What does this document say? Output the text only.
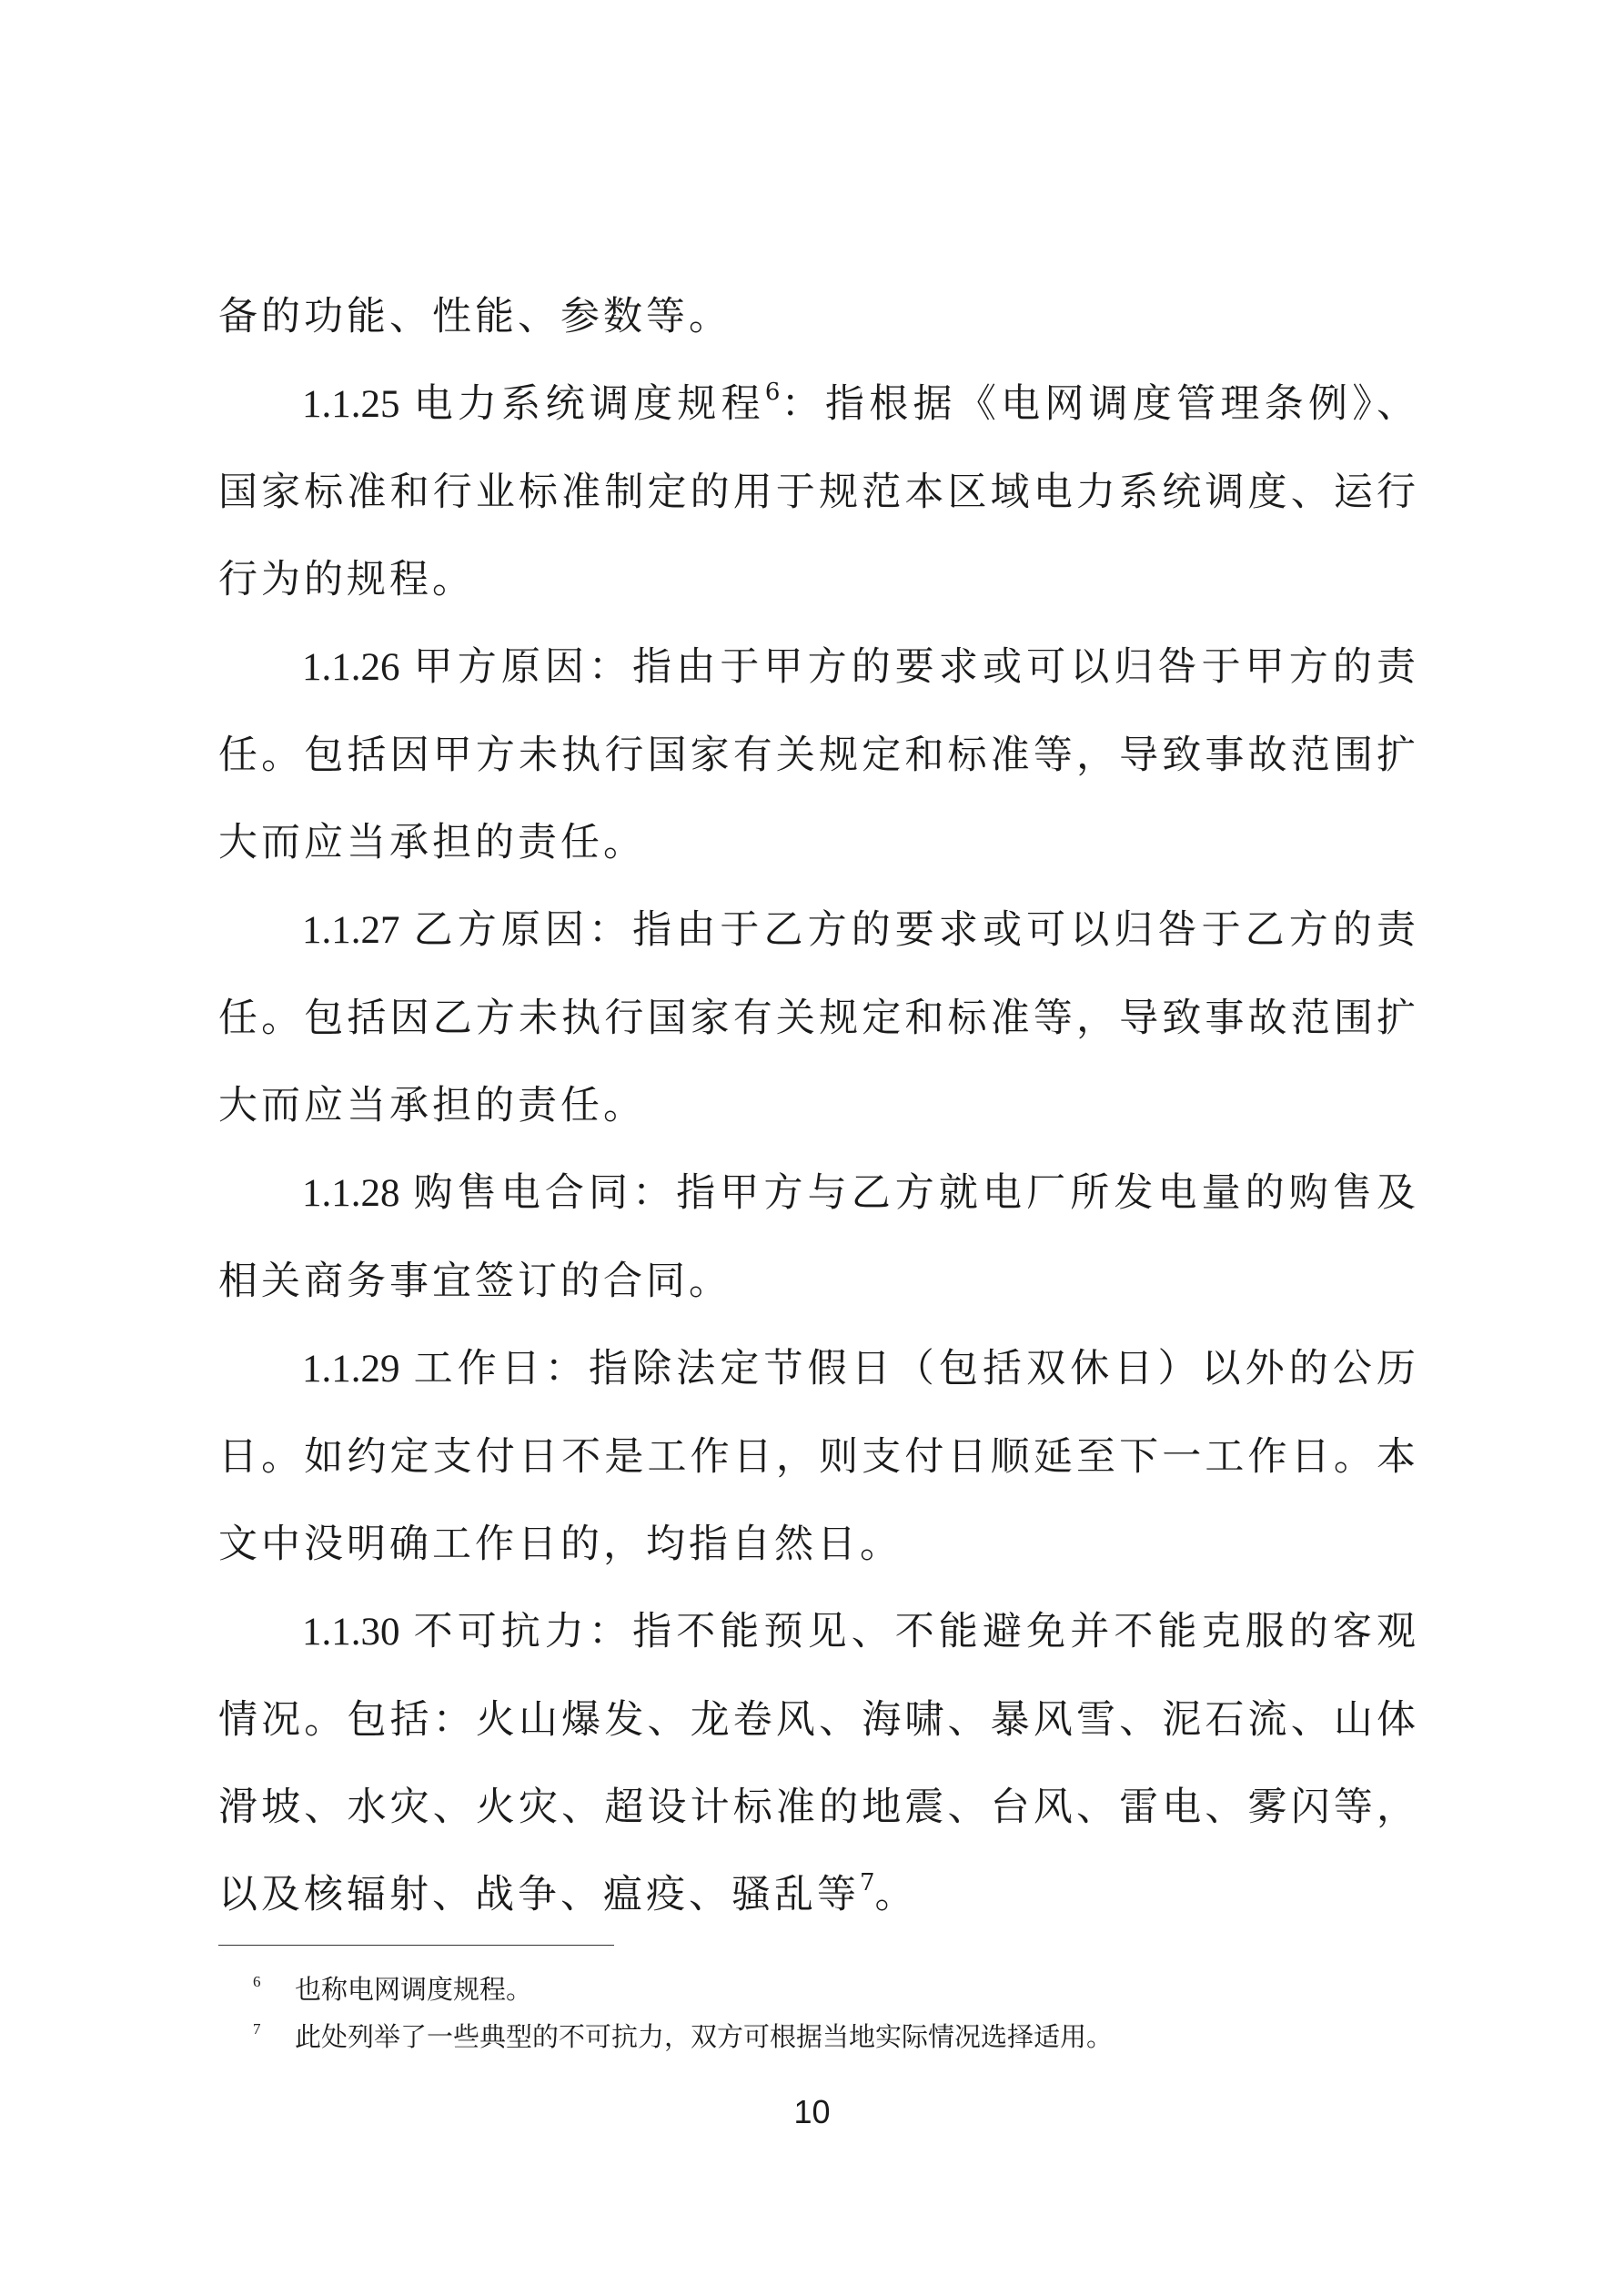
备的功能、性能、参数等。

1.1.25 电力系统调度规程$^6$：指根据《电网调度管理条例》、国家标准和行业标准制定的用于规范本区域电力系统调度、运行行为的规程。

1.1.26 甲方原因：指由于甲方的要求或可以归咎于甲方的责任。包括因甲方未执行国家有关规定和标准等，导致事故范围扩大而应当承担的责任。

1.1.27 乙方原因：指由于乙方的要求或可以归咎于乙方的责任。包括因乙方未执行国家有关规定和标准等，导致事故范围扩大而应当承担的责任。

1.1.28 购售电合同：指甲方与乙方就电厂所发电量的购售及相关商务事宜签订的合同。

1.1.29 工作日：指除法定节假日（包括双休日）以外的公历日。如约定支付日不是工作日，则支付日顺延至下一工作日。本文中没明确工作日的，均指自然日。

1.1.30 不可抗力：指不能预见、不能避免并不能克服的客观情况。包括：火山爆发、龙卷风、海啸、暴风雪、泥石流、山体滑坡、水灾、火灾、超设计标准的地震、台风、雷电、雾闪等，以及核辐射、战争、瘟疫、骚乱等$^7$。

6 也称电网调度规程。

7 此处列举了一些典型的不可抗力，双方可根据当地实际情况选择适用。

10
